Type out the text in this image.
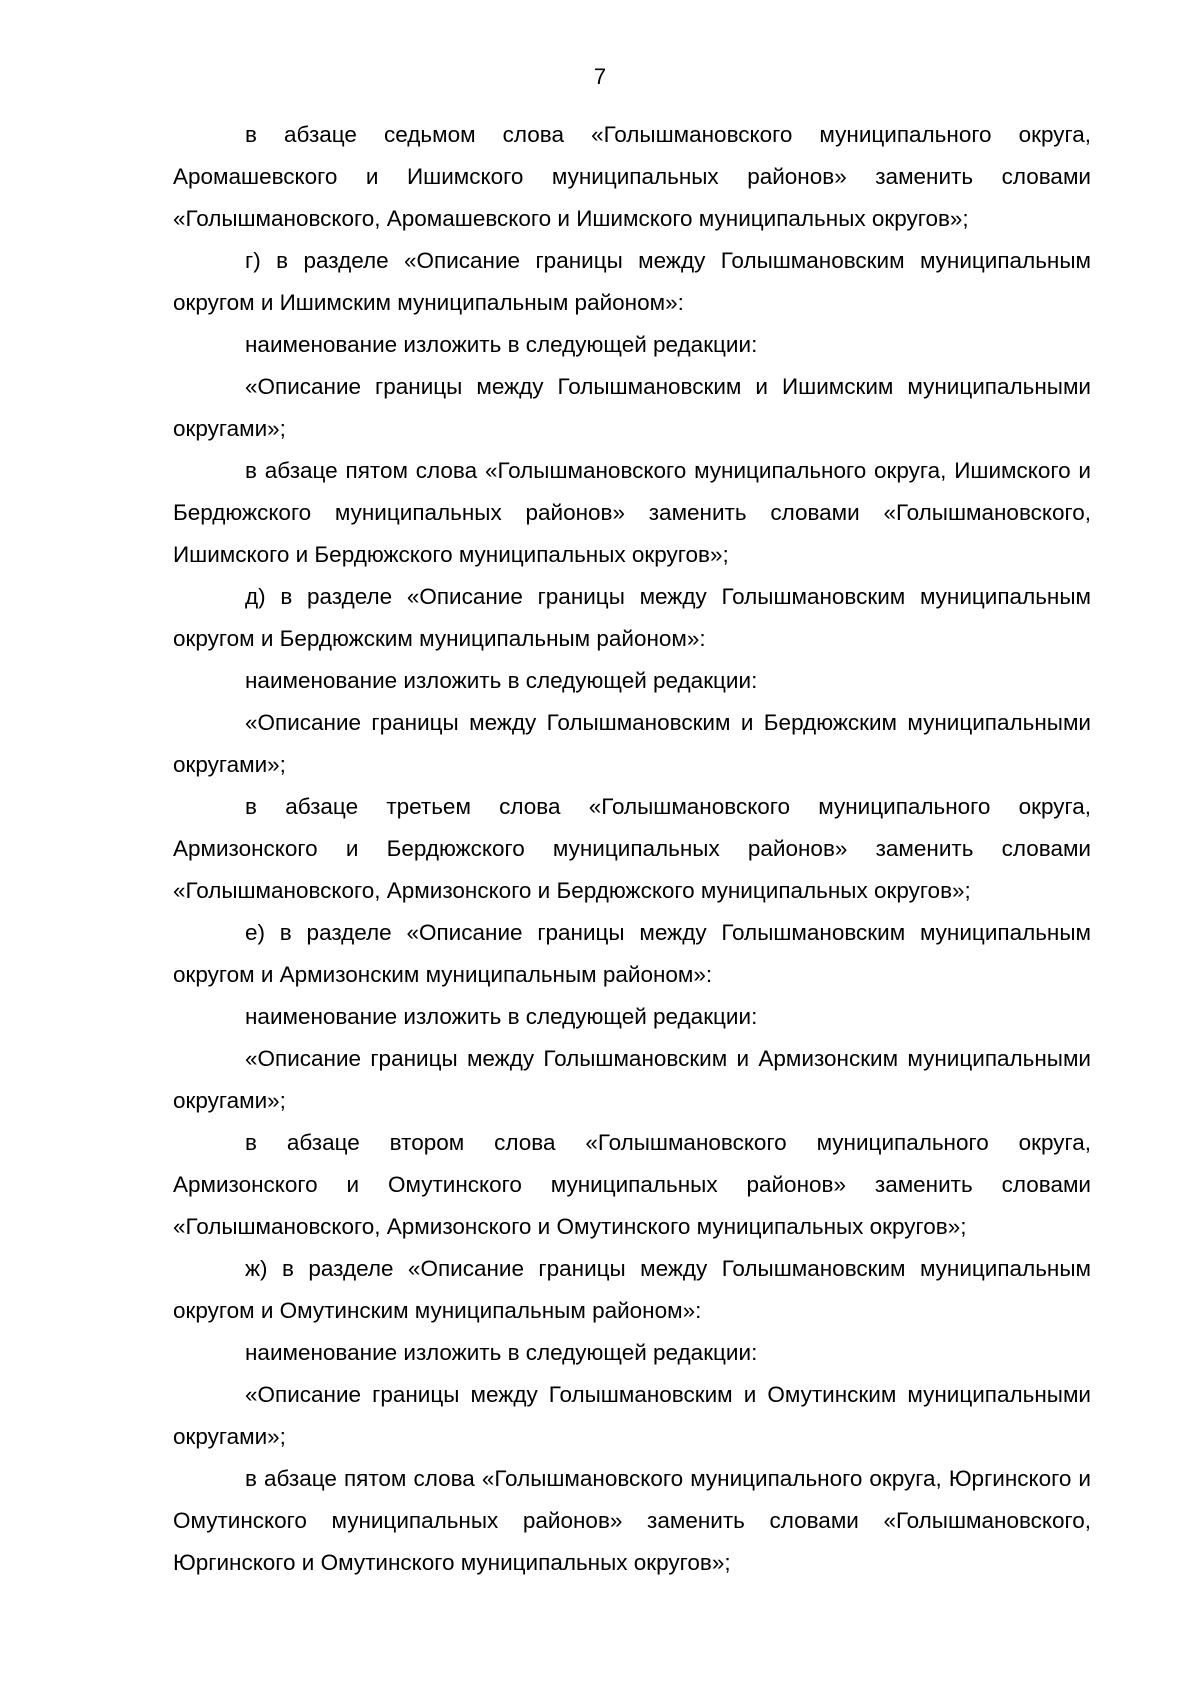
7

в абзаце седьмом слова «Голышмановского муниципального округа, Аромашевского и Ишимского муниципальных районов» заменить словами «Голышмановского, Аромашевского и Ишимского муниципальных округов»;

г) в разделе «Описание границы между Голышмановским муниципальным округом и Ишимским муниципальным районом»:

наименование изложить в следующей редакции:

«Описание границы между Голышмановским и Ишимским муниципальными округами»;

в абзаце пятом слова «Голышмановского муниципального округа, Ишимского и Бердюжского муниципальных районов» заменить словами «Голышмановского, Ишимского и Бердюжского муниципальных округов»;

д) в разделе «Описание границы между Голышмановским муниципальным округом и Бердюжским муниципальным районом»:

наименование изложить в следующей редакции:

«Описание границы между Голышмановским и Бердюжским муниципальными округами»;

в абзаце третьем слова «Голышмановского муниципального округа, Армизонского и Бердюжского муниципальных районов» заменить словами «Голышмановского, Армизонского и Бердюжского муниципальных округов»;

е) в разделе «Описание границы между Голышмановским муниципальным округом и Армизонским муниципальным районом»:

наименование изложить в следующей редакции:

«Описание границы между Голышмановским и Армизонским муниципальными округами»;

в абзаце втором слова «Голышмановского муниципального округа, Армизонского и Омутинского муниципальных районов» заменить словами «Голышмановского, Армизонского и Омутинского муниципальных округов»;

ж) в разделе «Описание границы между Голышмановским муниципальным округом и Омутинским муниципальным районом»:

наименование изложить в следующей редакции:

«Описание границы между Голышмановским и Омутинским муниципальными округами»;

в абзаце пятом слова «Голышмановского муниципального округа, Юргинского и Омутинского муниципальных районов» заменить словами «Голышмановского, Юргинского и Омутинского муниципальных округов»;
